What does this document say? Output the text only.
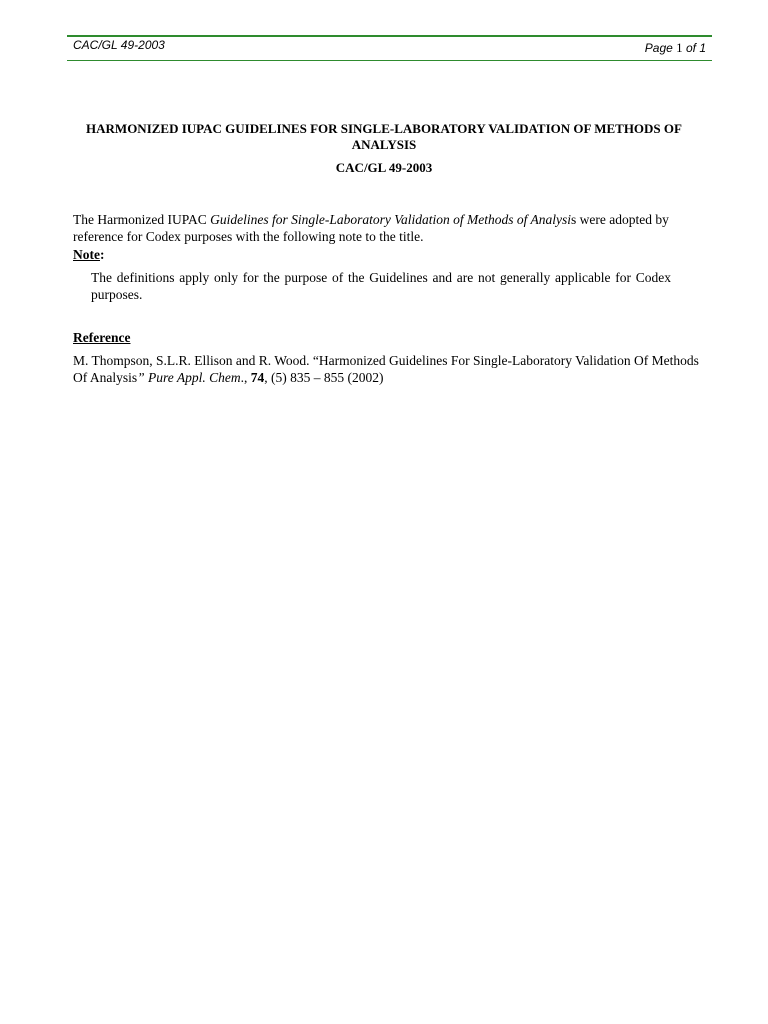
CAC/GL 49-2003	Page 1 of 1
HARMONIZED IUPAC GUIDELINES FOR SINGLE-LABORATORY VALIDATION OF METHODS OF ANALYSIS
CAC/GL 49-2003
The Harmonized IUPAC Guidelines for Single-Laboratory Validation of Methods of Analysis were adopted by reference for Codex purposes with the following note to the title.
Note:
The definitions apply only for the purpose of the Guidelines and are not generally applicable for Codex purposes.
Reference
M. Thompson, S.L.R. Ellison and R. Wood. “Harmonized Guidelines For Single-Laboratory Validation Of Methods Of Analysis” Pure Appl. Chem., 74, (5) 835 – 855 (2002)
